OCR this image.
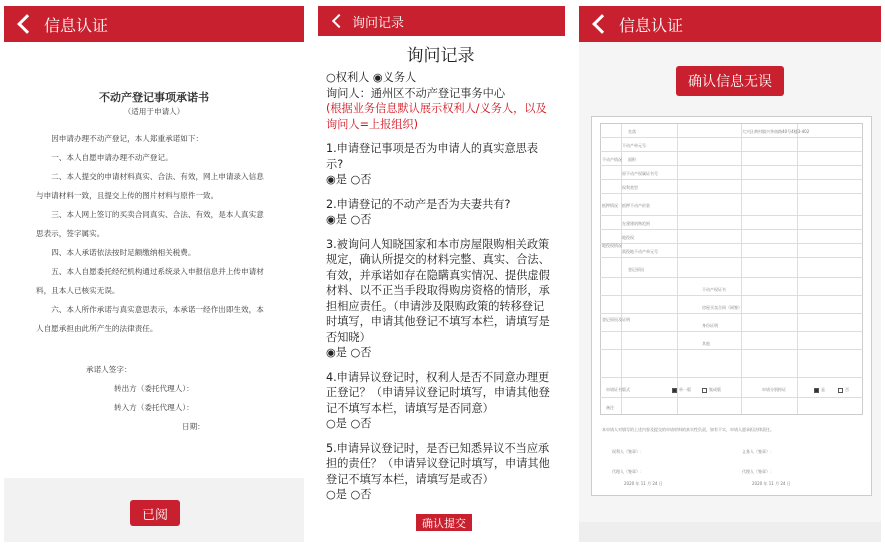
信息认证
不动产登记事项承诺书
（适用于申请人）

因申请办理不动产登记，本人郑重承诺如下：

一、本人自愿申请办理不动产登记。

二、本人提交的申请材料真实、合法、有效，网上申请录入信息与申请材料一致，且提交上传的图片材料与原件一致。

三、本人网上签订的买卖合同真实、合法、有效，是本人真实意思表示，签字属实。

四、本人承诺依法按时足额缴纳相关税费。

五、本人自愿委托经纪机构通过系统录入申报信息并上传申请材料，且本人已核实无误。

六、本人所作承诺与真实意思表示，本承诺一经作出即生效，本人自愿承担由此所产生的法律责任。

承诺人签字：
转出方（委托代理人）：
转入方（委托代理人）：
日期：
已阅
询问记录
询问记录
○权利人 ◉义务人
询问人：通州区不动产登记事务中心
(根据业务信息默认展示权利人/义务人，以及询问人=上报组织)
1.申请登记事项是否为申请人的真实意思表示?
◉是 ○否
2.申请登记的不动产是否为夫妻共有?
◉是 ○否
3.被询问人知晓国家和本市房屋限购相关政策规定，确认所提交的材料完整、真实、合法、有效，并承诺如存在隐瞒真实情况、提供虚假材料、以不正当手段取得购房资格的情形，承担相应责任。（申请涉及限购政策的转移登记时填写，申请其他登记不填写本栏，请填写是否知晓）
◉是 ○否
4.申请异议登记时，权利人是否不同意办理更正登记？（申请异议登记时填写，申请其他登记不填写本栏，请填写是否同意）
○是 ○否
5.申请异议登记时，是否已知悉异议不当应承担的责任？（申请异议登记时填写，申请其他登记不填写本栏，请填写是或否）
○是 ○否
确认提交
信息认证
确认信息无误
坐落	大兴区黄村镇兴华南路40号4楼3-402
不动产单元号
面积
原不动产权属证书号
权利类型
抵押不动产价款
在建建筑物范围
地役权
需役地不动产单元号
登记原因
不动产情况
抵押情况
地役权情况
登记原因及证明
不动产权证书
房屋买卖合同（网签）
身份证明
其他
申请证书版式	单一版	集成版	申请分别持证	是	否
备注
本申请人对填写的上述内容及提交的申请材料的真实性负责，如有不实，申请人愿承担法律责任。
权利人（签章）：	义务人（签章）：
代理人（签章）：	代理人（签章）：
2020 年 11 月 24 日	2020 年 11 月 24 日
